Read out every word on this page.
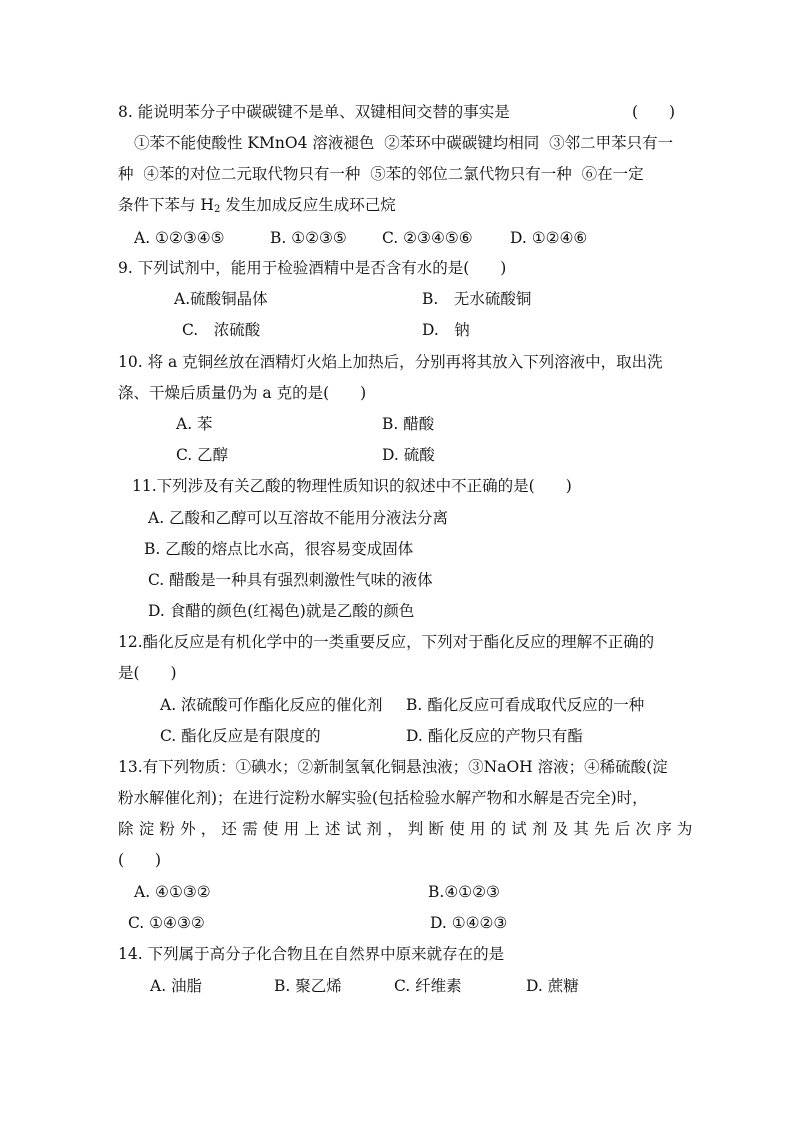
8. 能说明苯分子中碳碳键不是单、双键相间交替的事实是	(　　)
①苯不能使酸性 KMnO4 溶液褪色  ②苯环中碳碳键均相同  ③邻二甲苯只有一
种  ④苯的对位二元取代物只有一种  ⑤苯的邻位二氯代物只有一种  ⑥在一定
条件下苯与 $H_2$ 发生加成反应生成环己烷
A. ①②③④⑤	B. ①②③⑤ C. ②③④⑤⑥ D. ①②④⑥
9. 下列试剂中，能用于检验酒精中是否含有水的是(　　)
A.硫酸铜晶体	B.　无水硫酸铜
C.　浓硫酸	D.　钠
10. 将 a 克铜丝放在酒精灯火焰上加热后，分别再将其放入下列溶液中，取出洗
涤、干燥后质量仍为 a 克的是(　　)
A. 苯	B. 醋酸
C. 乙醇	D. 硫酸
11.下列涉及有关乙酸的物理性质知识的叙述中不正确的是(　　)
A. 乙酸和乙醇可以互溶故不能用分液法分离
B. 乙酸的熔点比水高，很容易变成固体
C. 醋酸是一种具有强烈刺激性气味的液体
D. 食醋的颜色(红褐色)就是乙酸的颜色
12.酯化反应是有机化学中的一类重要反应，下列对于酯化反应的理解不正确的
是(　　)
A. 浓硫酸可作酯化反应的催化剂 B. 酯化反应可看成取代反应的一种
C. 酯化反应是有限度的	D. 酯化反应的产物只有酯
13.有下列物质：①碘水；②新制氢氧化铜悬浊液；③NaOH 溶液；④稀硫酸(淀
粉水解催化剂)；在进行淀粉水解实验(包括检验水解产物和水解是否完全)时，
除淀粉外，还需使用上述试剂，判断使用的试剂及其先后次序为
(　　)
A. ④①③②	B.④①②③
C. ①④③②	D. ①④②③
14. 下列属于高分子化合物且在自然界中原来就存在的是
A. 油脂	B. 聚乙烯	C. 纤维素	D. 蔗糖
